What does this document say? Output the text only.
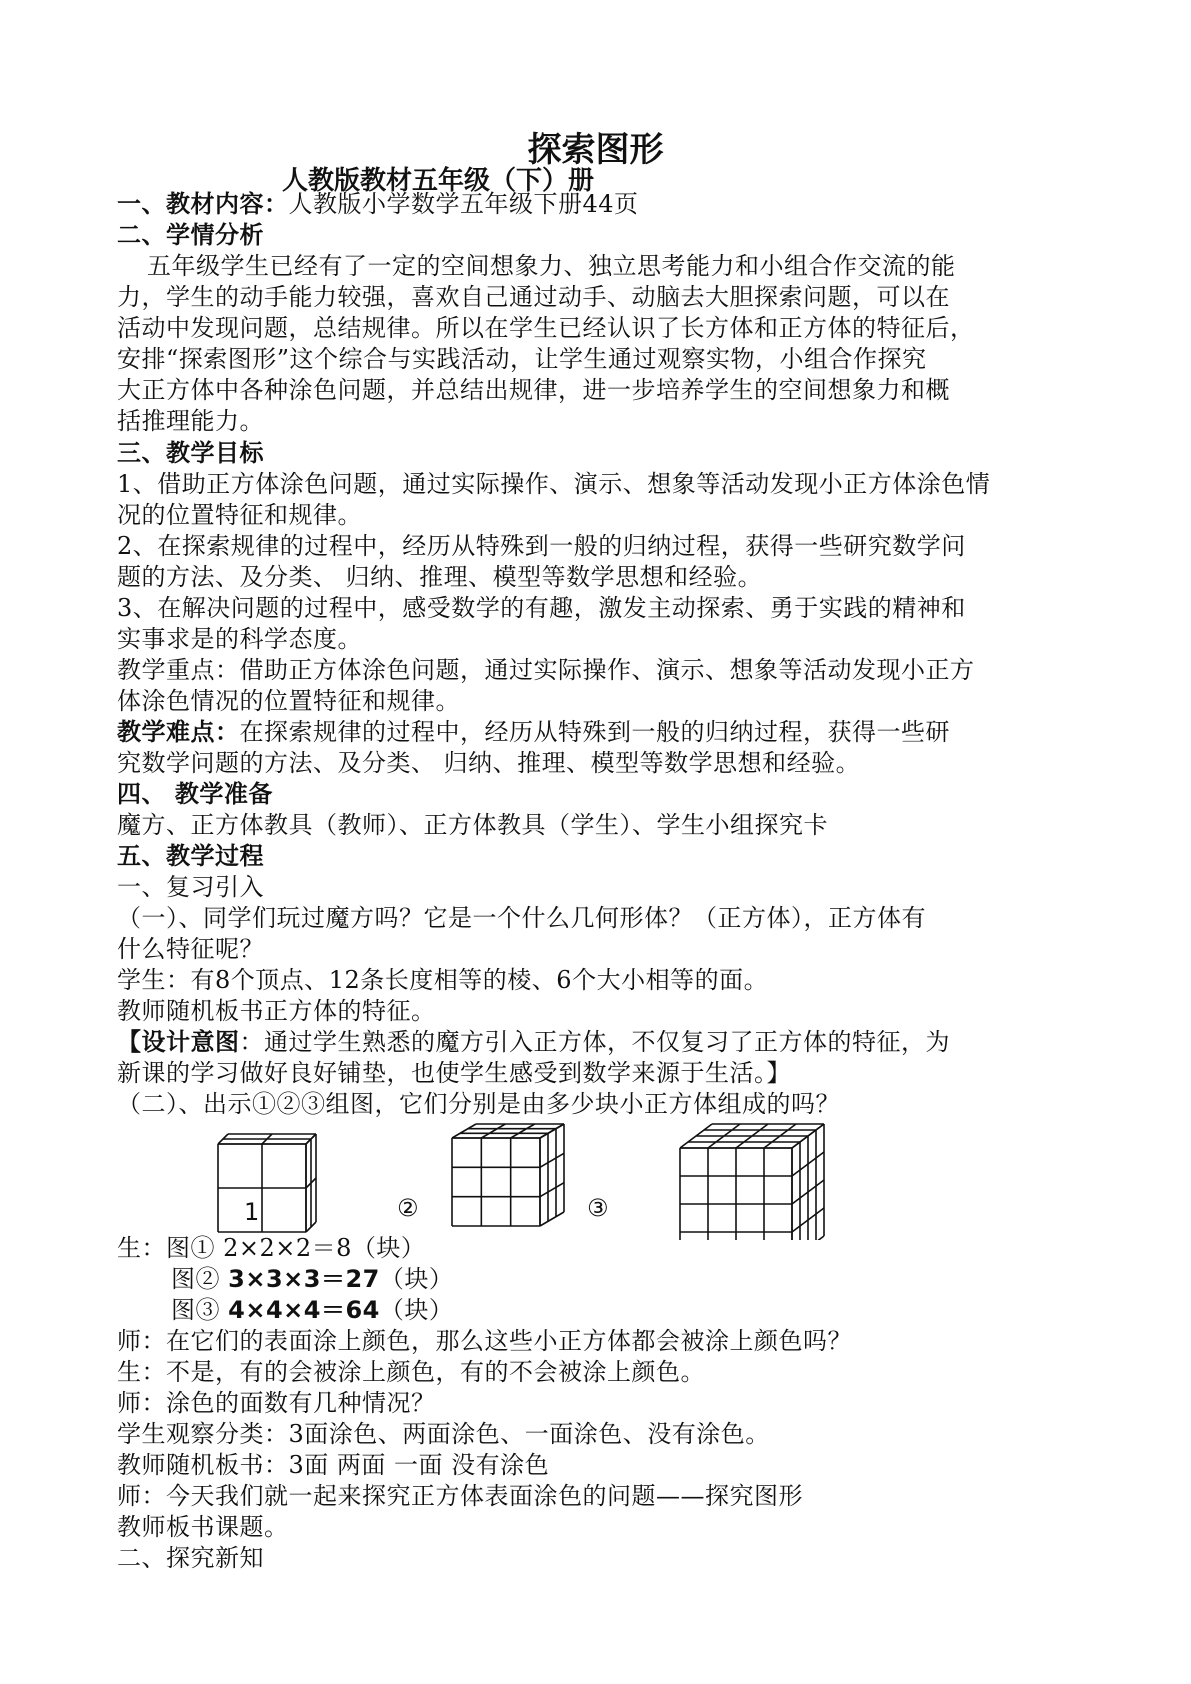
探索图形
人教版教材五年级（下）册
一、教材内容：人教版小学数学五年级下册44页
二、学情分析
五年级学生已经有了一定的空间想象力、独立思考能力和小组合作交流的能
力，学生的动手能力较强，喜欢自己通过动手、动脑去大胆探索问题，可以在
活动中发现问题，总结规律。所以在学生已经认识了长方体和正方体的特征后，
安排“探索图形”这个综合与实践活动，让学生通过观察实物，小组合作探究
大正方体中各种涂色问题，并总结出规律，进一步培养学生的空间想象力和概
括推理能力。
三、教学目标
1、借助正方体涂色问题，通过实际操作、演示、想象等活动发现小正方体涂色情
况的位置特征和规律。
2、在探索规律的过程中，经历从特殊到一般的归纳过程，获得一些研究数学问
题的方法、及分类、 归纳、推理、模型等数学思想和经验。
3、在解决问题的过程中，感受数学的有趣，激发主动探索、勇于实践的精神和
实事求是的科学态度。
教学重点：借助正方体涂色问题，通过实际操作、演示、想象等活动发现小正方
体涂色情况的位置特征和规律。
教学难点：在探索规律的过程中，经历从特殊到一般的归纳过程，获得一些研
究数学问题的方法、及分类、 归纳、推理、模型等数学思想和经验。
四、 教学准备
魔方、正方体教具（教师）、正方体教具（学生）、学生小组探究卡
五、教学过程
一、复习引入
（一）、同学们玩过魔方吗？它是一个什么几何形体？（正方体），正方体有
什么特征呢？
学生：有8个顶点、12条长度相等的棱、6个大小相等的面。
教师随机板书正方体的特征。
【设计意图：通过学生熟悉的魔方引入正方体，不仅复习了正方体的特征，为
新课的学习做好良好铺垫，也使学生感受到数学来源于生活。】
（二）、出示①②③组图，它们分别是由多少块小正方体组成的吗？
1	②	③
生：图① 2×2×2＝8（块）
图② 3×3×3＝27（块）
图③ 4×4×4＝64（块）
师：在它们的表面涂上颜色，那么这些小正方体都会被涂上颜色吗？
生：不是，有的会被涂上颜色，有的不会被涂上颜色。
师：涂色的面数有几种情况？
学生观察分类：3面涂色、两面涂色、一面涂色、没有涂色。
教师随机板书：3面 两面 一面 没有涂色
师：今天我们就一起来探究正方体表面涂色的问题——探究图形
教师板书课题。
二、探究新知
